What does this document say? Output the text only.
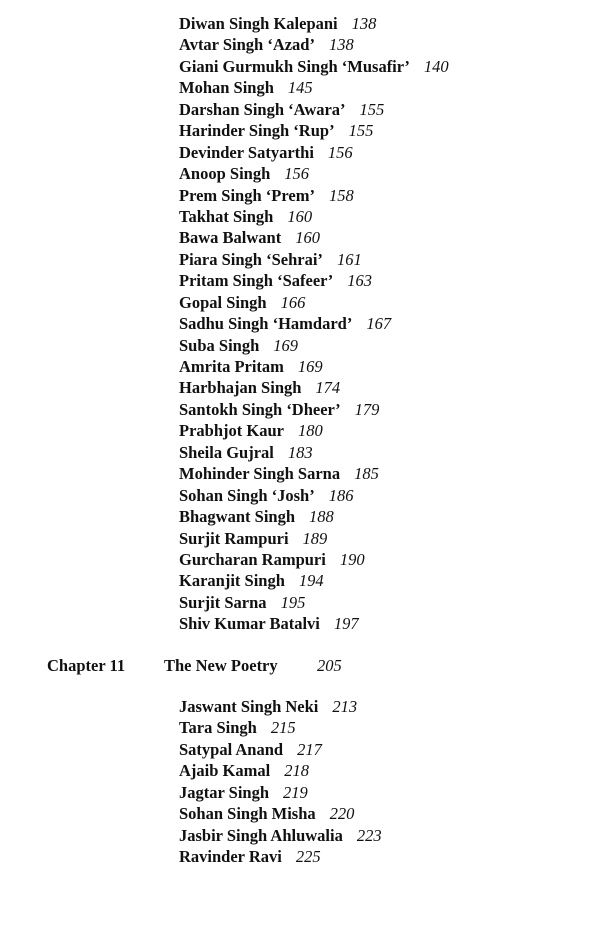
Diwan Singh Kalepani 138
Avtar Singh ‘Azad’ 138
Giani Gurmukh Singh ‘Musafir’ 140
Mohan Singh 145
Darshan Singh ‘Awara’ 155
Harinder Singh ‘Rup’ 155
Devinder Satyarthi 156
Anoop Singh 156
Prem Singh ‘Prem’ 158
Takhat Singh 160
Bawa Balwant 160
Piara Singh ‘Sehrai’ 161
Pritam Singh ‘Safeer’ 163
Gopal Singh 166
Sadhu Singh ‘Hamdard’ 167
Suba Singh 169
Amrita Pritam 169
Harbhajan Singh 174
Santokh Singh ‘Dheer’ 179
Prabhjot Kaur 180
Sheila Gujral 183
Mohinder Singh Sarna 185
Sohan Singh ‘Josh’ 186
Bhagwant Singh 188
Surjit Rampuri 189
Gurcharan Rampuri 190
Karanjit Singh 194
Surjit Sarna 195
Shiv Kumar Batalvi 197
Chapter 11 The New Poetry 205
Jaswant Singh Neki 213
Tara Singh 215
Satypal Anand 217
Ajaib Kamal 218
Jagtar Singh 219
Sohan Singh Misha 220
Jasbir Singh Ahluwalia 223
Ravinder Ravi 225
